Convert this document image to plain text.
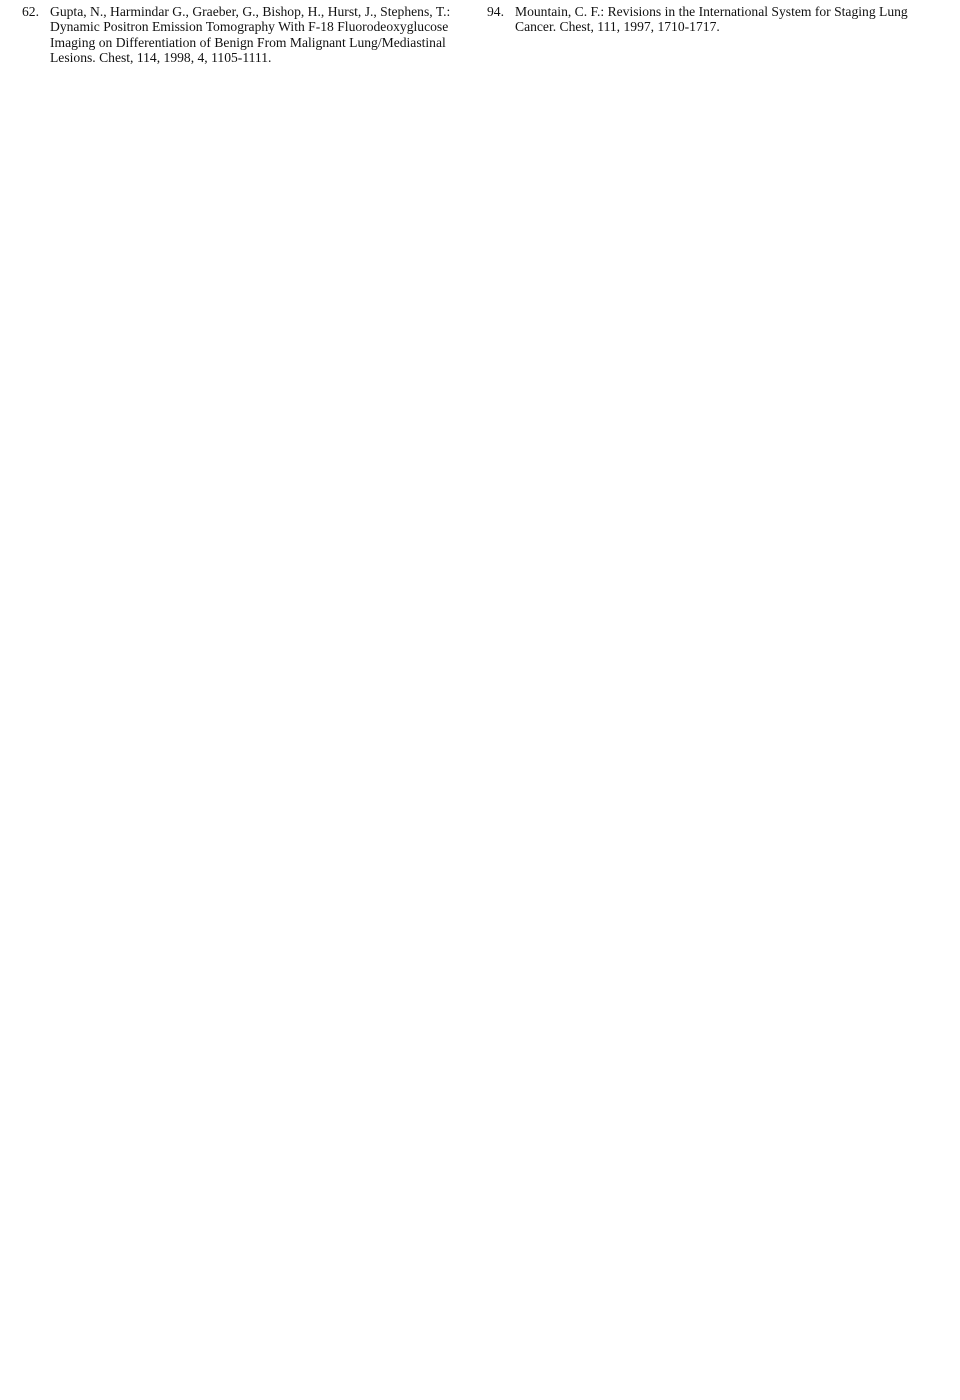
62. Gupta, N., Harmindar G., Graeber, G., Bishop, H., Hurst, J., Stephens, T.: Dynamic Positron Emission Tomography With F-18 Fluorodeoxyglucose Imaging on Differentiation of Benign From Malignant Lung/Mediastinal Lesions. Chest, 114, 1998, 4, 1105-1111.
94. Mountain, C. F.: Revisions in the International System for Staging Lung Cancer. Chest, 111, 1997, 1710-1717.
